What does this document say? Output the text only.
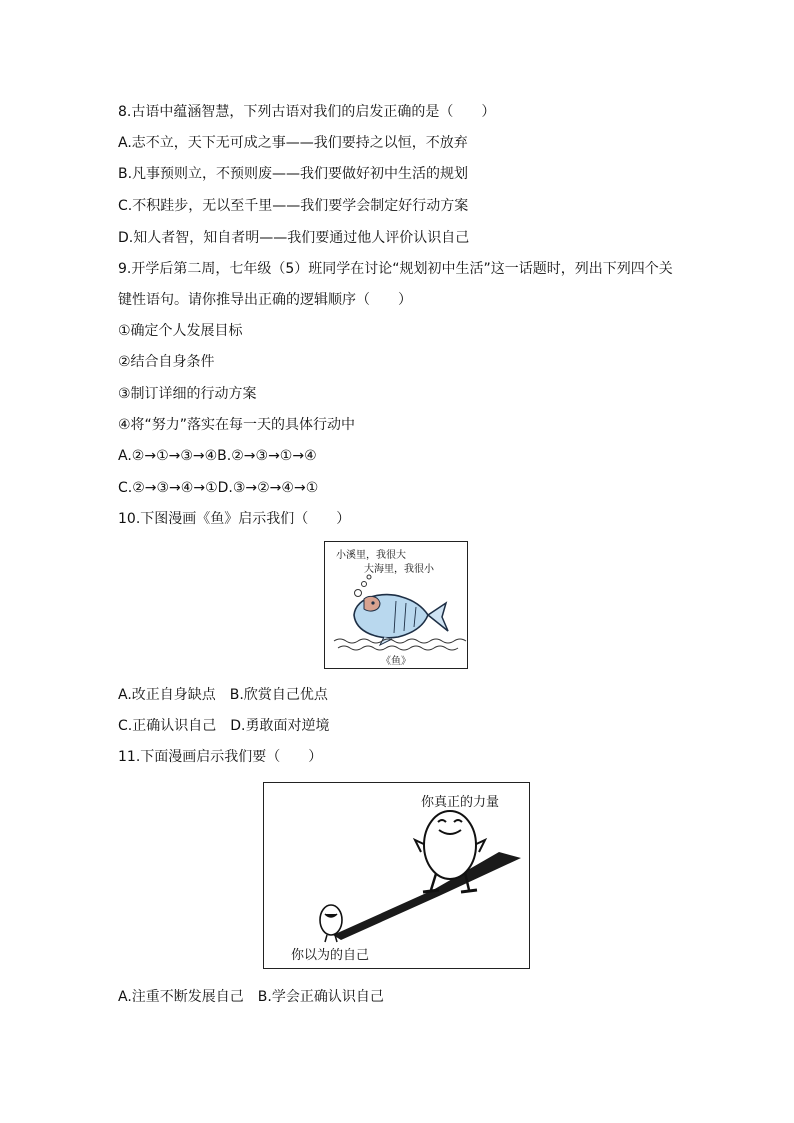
8.古语中蕴涵智慧，下列古语对我们的启发正确的是（　　）
A.志不立，天下无可成之事——我们要持之以恒，不放弃
B.凡事预则立，不预则废——我们要做好初中生活的规划
C.不积跬步，无以至千里——我们要学会制定好行动方案
D.知人者智，知自者明——我们要通过他人评价认识自己
9.开学后第二周，七年级（5）班同学在讨论“规划初中生活”这一话题时，列出下列四个关
键性语句。请你推导出正确的逻辑顺序（　　）
①确定个人发展目标
②结合自身条件
③制订详细的行动方案
④将“努力”落实在每一天的具体行动中
A.②→①→③→④B.②→③→①→④
C.②→③→④→①D.③→②→④→①
10.下图漫画《鱼》启示我们（　　）
小溪里，我很大
大海里，我很小
《鱼》
A.改正自身缺点　B.欣赏自己优点
C.正确认识自己　D.勇敢面对逆境
11.下面漫画启示我们要（　　）
你真正的力量
你以为的自己
A.注重不断发展自己　B.学会正确认识自己
